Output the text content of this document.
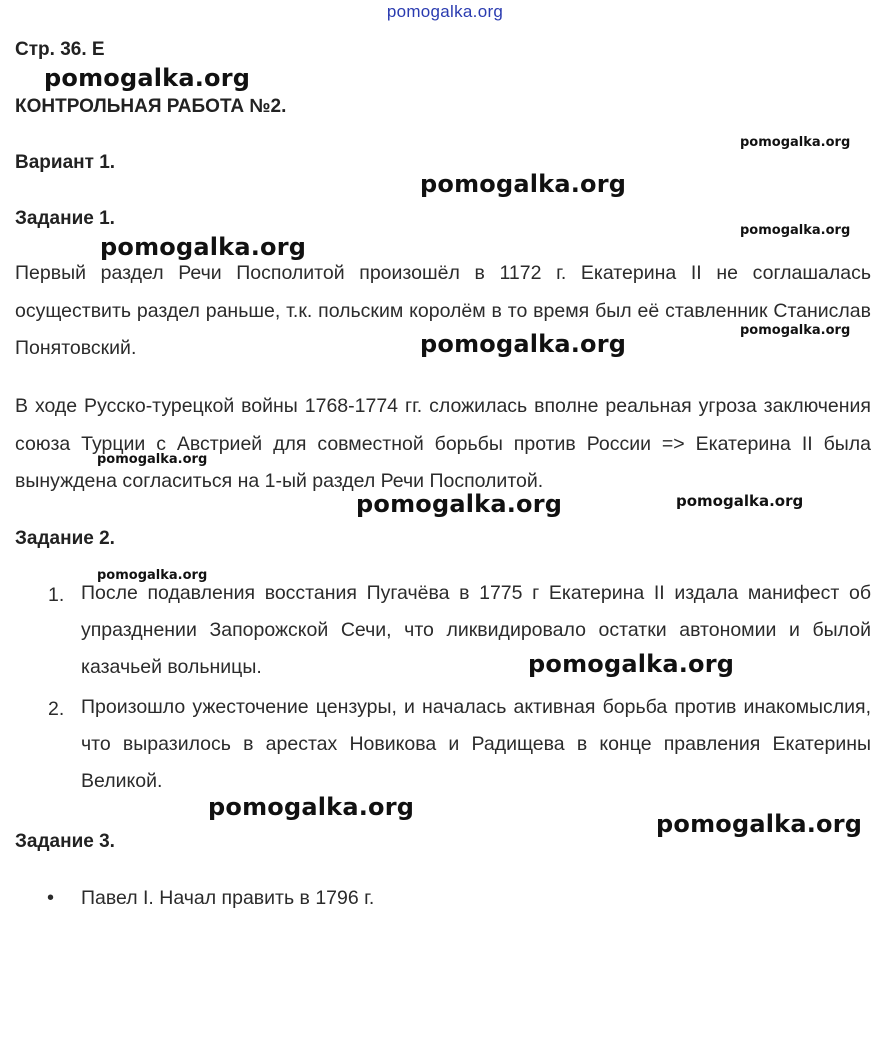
pomogalka.org
Стр. 36. Е
КОНТРОЛЬНАЯ РАБОТА №2.
Вариант 1.
Задание 1.
Первый раздел Речи Посполитой произошёл в 1172 г. Екатерина II не соглашалась осуществить раздел раньше, т.к. польским королём в то время был её ставленник Станислав Понятовский.
В ходе Русско-турецкой войны 1768-1774 гг. сложилась вполне реальная угроза заключения союза Турции с Австрией для совместной борьбы против России => Екатерина II была вынуждена согласиться на 1-ый раздел Речи Посполитой.
Задание 2.
1. После подавления восстания Пугачёва в 1775 г Екатерина II издала манифест об упразднении Запорожской Сечи, что ликвидировало остатки автономии и былой казачьей вольницы.
2. Произошло ужесточение цензуры, и началась активная борьба против инакомыслия, что выразилось в арестах Новикова и Радищева в конце правления Екатерины Великой.
Задание 3.
• Павел I. Начал править в 1796 г.
pomogalka.org
pomogalka.org
pomogalka.org
pomogalka.org
pomogalka.org
pomogalka.org
pomogalka.org
pomogalka.org
pomogalka.org	pomogalka.org
pomogalka.org
pomogalka.org
pomogalka.org
pomogalka.org
